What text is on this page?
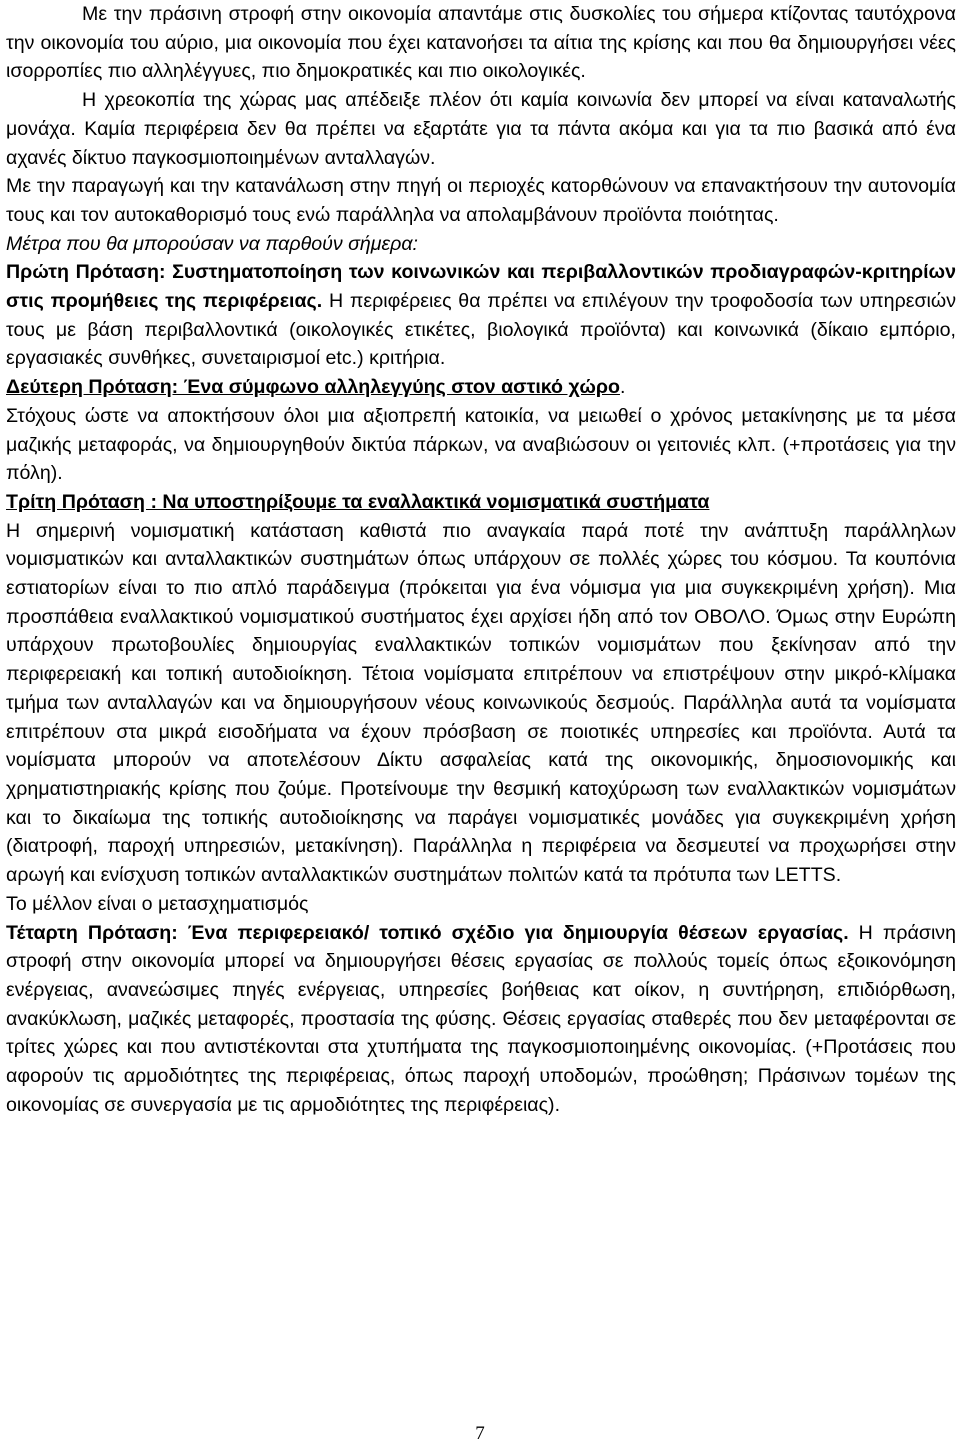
Με την πράσινη στροφή στην οικονομία απαντάμε στις δυσκολίες του σήμερα κτίζοντας ταυτόχρονα την οικονομία του αύριο, μια οικονομία που έχει κατανοήσει τα αίτια της κρίσης και που θα δημιουργήσει νέες ισορροπίες πιο αλληλέγγυες, πιο δημοκρατικές και πιο οικολογικές.

Η χρεοκοπία της χώρας μας απέδειξε πλέον ότι καμία κοινωνία δεν μπορεί να είναι καταναλωτής μονάχα. Καμία περιφέρεια δεν θα πρέπει να εξαρτάτε για τα πάντα ακόμα και για τα πιο βασικά από ένα αχανές δίκτυο παγκοσμιοποιημένων ανταλλαγών.

Με την παραγωγή και την κατανάλωση στην πηγή οι περιοχές κατορθώνουν να επανακτήσουν την αυτονομία τους και τον αυτοκαθορισμό τους ενώ παράλληλα να απολαμβάνουν προϊόντα ποιότητας.

Μέτρα που θα μπορούσαν να παρθούν σήμερα:

Πρώτη Πρόταση: Συστηματοποίηση των κοινωνικών και περιβαλλοντικών προδιαγραφών-κριτηρίων στις προμήθειες της περιφέρειας. Η περιφέρειες θα πρέπει να επιλέγουν την τροφοδοσία των υπηρεσιών τους με βάση περιβαλλοντικά (οικολογικές ετικέτες, βιολογικά προϊόντα) και κοινωνικά (δίκαιο εμπόριο, εργασιακές συνθήκες, συνεταιρισμοί etc.) κριτήρια.

Δεύτερη Πρόταση: Ένα σύμφωνο αλληλεγγύης στον αστικό χώρο.

Στόχους ώστε να αποκτήσουν όλοι μια αξιοπρεπή κατοικία, να μειωθεί ο χρόνος μετακίνησης με τα μέσα μαζικής μεταφοράς, να δημιουργηθούν δικτύα πάρκων, να αναβιώσουν οι γειτονιές κλπ. (+προτάσεις για την πόλη).

Τρίτη Πρόταση : Να υποστηρίξουμε τα εναλλακτικά νομισματικά συστήματα

Η σημερινή νομισματική κατάσταση καθιστά πιο αναγκαία παρά ποτέ την ανάπτυξη παράλληλων νομισματικών και ανταλλακτικών συστημάτων όπως υπάρχουν σε πολλές χώρες του κόσμου. Τα κουπόνια εστιατορίων είναι το πιο απλό παράδειγμα (πρόκειται για ένα νόμισμα για μια συγκεκριμένη χρήση). Μια προσπάθεια εναλλακτικού νομισματικού συστήματος έχει αρχίσει ήδη από τον ΟΒΟΛΟ. Όμως στην Ευρώπη υπάρχουν πρωτοβουλίες δημιουργίας εναλλακτικών τοπικών νομισμάτων που ξεκίνησαν από την περιφερειακή και τοπική αυτοδιοίκηση. Τέτοια νομίσματα επιτρέπουν να επιστρέψουν στην μικρό-κλίμακα τμήμα των ανταλλαγών και να δημιουργήσουν νέους κοινωνικούς δεσμούς. Παράλληλα αυτά τα νομίσματα επιτρέπουν στα μικρά εισοδήματα να έχουν πρόσβαση σε ποιοτικές υπηρεσίες και προϊόντα. Αυτά τα νομίσματα μπορούν να αποτελέσουν Δίκτυ ασφαλείας κατά της οικονομικής, δημοσιονομικής και χρηματιστηριακής κρίσης που ζούμε. Προτείνουμε την θεσμική κατοχύρωση των εναλλακτικών νομισμάτων και το δικαίωμα της τοπικής αυτοδιοίκησης να παράγει νομισματικές μονάδες για συγκεκριμένη χρήση (διατροφή, παροχή υπηρεσιών, μετακίνηση). Παράλληλα η περιφέρεια να δεσμευτεί να προχωρήσει στην αρωγή και ενίσχυση τοπικών ανταλλακτικών συστημάτων πολιτών κατά τα πρότυπα των LETTS.

Το μέλλον είναι ο μετασχηματισμός

Τέταρτη Πρόταση: Ένα περιφερειακό/ τοπικό σχέδιο για δημιουργία θέσεων εργασίας. Η πράσινη στροφή στην οικονομία μπορεί να δημιουργήσει θέσεις εργασίας σε πολλούς τομείς όπως εξοικονόμηση ενέργειας, ανανεώσιμες πηγές ενέργειας, υπηρεσίες βοήθειας κατ οίκον, η συντήρηση, επιδιόρθωση, ανακύκλωση, μαζικές μεταφορές, προστασία της φύσης. Θέσεις εργασίας σταθερές που δεν μεταφέρονται σε τρίτες χώρες και που αντιστέκονται στα χτυπήματα της παγκοσμιοποιημένης οικονομίας. (+Προτάσεις που αφορούν τις αρμοδιότητες της περιφέρειας, όπως παροχή υποδομών, προώθηση; Πράσινων τομέων της οικονομίας σε συνεργασία με τις αρμοδιότητες της περιφέρειας).

7
